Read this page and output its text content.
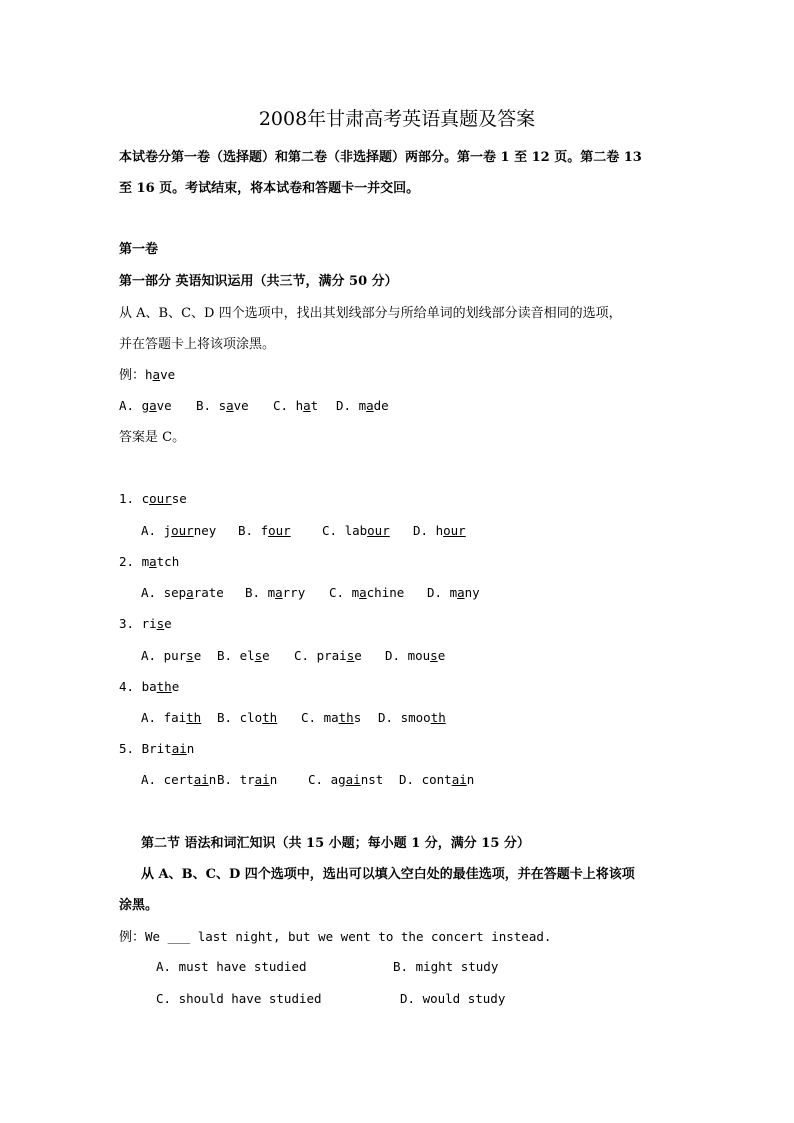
2008年甘肃高考英语真题及答案
本试卷分第一卷（选择题）和第二卷（非选择题）两部分。第一卷 1 至 12 页。第二卷 13
至 16 页。考试结束，将本试卷和答题卡一并交回。
第一卷
第一部分 英语知识运用（共三节，满分 50 分）
从 A、B、C、D 四个选项中，找出其划线部分与所给单词的划线部分读音相同的选项，
并在答题卡上将该项涂黑。
例：have
A. gave B. save C. hat D. made
答案是 C。
1. course
A. journey B. four	C. labour D. hour
2. match
A. separate B. marry C. machine D. many
3. rise
A. purse B. else C. praise D. mouse
4. bathe
A. faith B. cloth C. maths D. smooth
5. Britain
A. certainB. train C. against D. contain
第二节 语法和词汇知识（共 15 小题；每小题 1 分，满分 15 分）
从 A、B、C、D 四个选项中，选出可以填入空白处的最佳选项，并在答题卡上将该项
涂黑。
例：We ___ last night, but we went to the concert instead.
A. must have studied	B. might study
C. should have studied	D. would study
